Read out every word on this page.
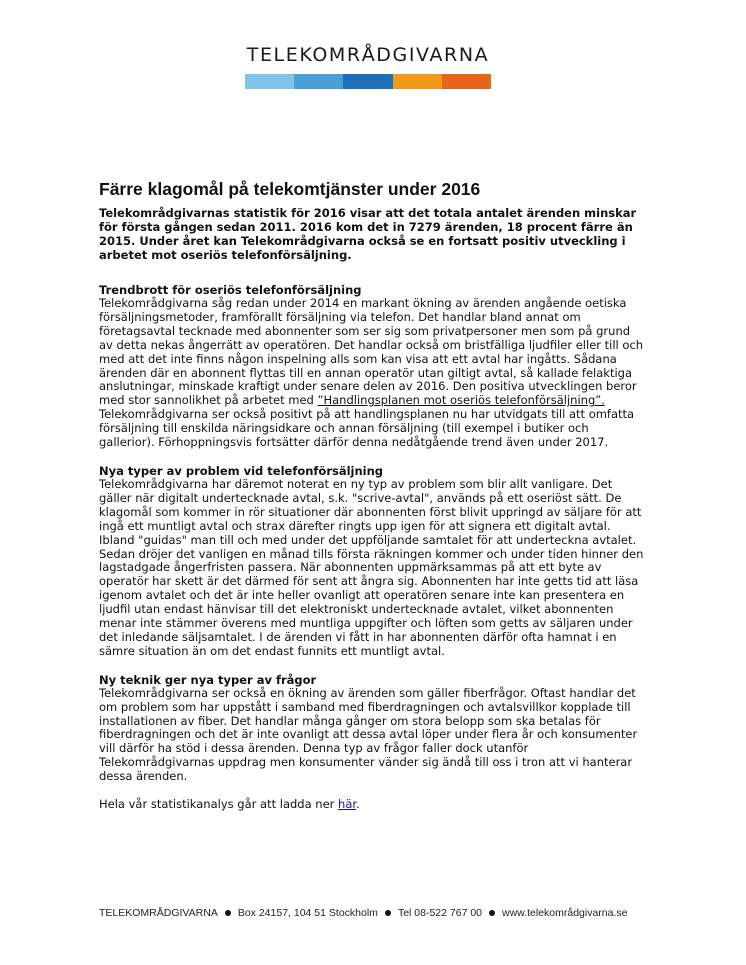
TELEKOMRÅDGIVARNA
Färre klagomål på telekomtjänster under 2016
Telekområdgivarnas statistik för 2016 visar att det totala antalet ärenden minskar för första gången sedan 2011. 2016 kom det in 7279 ärenden, 18 procent färre än 2015. Under året kan Telekområdgivarna också se en fortsatt positiv utveckling i arbetet mot oseriös telefonförsäljning.
Trendbrott för oseriös telefonförsäljning

Telekområdgivarna såg redan under 2014 en markant ökning av ärenden angående oetiska försäljningsmetoder, framförallt försäljning via telefon. Det handlar bland annat om företagsavtal tecknade med abonnenter som ser sig som privatpersoner men som på grund av detta nekas ångerrätt av operatören. Det handlar också om bristfälliga ljudfiler eller till och med att det inte finns någon inspelning alls som kan visa att ett avtal har ingåtts. Sådana ärenden där en abonnent flyttas till en annan operatör utan giltigt avtal, så kallade felaktiga anslutningar, minskade kraftigt under senare delen av 2016. Den positiva utvecklingen beror med stor sannolikhet på arbetet med ”Handlingsplanen mot oseriös telefonförsäljning”. Telekområdgivarna ser också positivt på att handlingsplanen nu har utvidgats till att omfatta försäljning till enskilda näringsidkare och annan försäljning (till exempel i butiker och gallerior). Förhoppningsvis fortsätter därför denna nedåtgående trend även under 2017.

Nya typer av problem vid telefonförsäljning

Telekområdgivarna har däremot noterat en ny typ av problem som blir allt vanligare. Det gäller när digitalt undertecknade avtal, s.k. "scrive-avtal", används på ett oseriöst sätt. De klagomål som kommer in rör situationer där abonnenten först blivit uppringd av säljare för att ingå ett muntligt avtal och strax därefter ringts upp igen för att signera ett digitalt avtal. Ibland "guidas" man till och med under det uppföljande samtalet för att underteckna avtalet. Sedan dröjer det vanligen en månad tills första räkningen kommer och under tiden hinner den lagstadgade ångerfristen passera. När abonnenten uppmärksammas på att ett byte av operatör har skett är det därmed för sent att ångra sig. Abonnenten har inte getts tid att läsa igenom avtalet och det är inte heller ovanligt att operatören senare inte kan presentera en ljudfil utan endast hänvisar till det elektroniskt undertecknade avtalet, vilket abonnenten menar inte stämmer överens med muntliga uppgifter och löften som getts av säljaren under det inledande säljsamtalet. I de ärenden vi fått in har abonnenten därför ofta hamnat i en sämre situation än om det endast funnits ett muntligt avtal.

Ny teknik ger nya typer av frågor

Telekområdgivarna ser också en ökning av ärenden som gäller fiberfrågor. Oftast handlar det om problem som har uppstått i samband med fiberdragningen och avtalsvillkor kopplade till installationen av fiber. Det handlar många gånger om stora belopp som ska betalas för fiberdragningen och det är inte ovanligt att dessa avtal löper under flera år och konsumenter vill därför ha stöd i dessa ärenden. Denna typ av frågor faller dock utanför Telekområdgivarnas uppdrag men konsumenter vänder sig ändå till oss i tron att vi hanterar dessa ärenden.

Hela vår statistikanalys går att ladda ner här.

TELEKOMRÅDGIVARNA Box 24157, 104 51 Stockholm Tel 08-522 767 00 www.telekområdgivarna.se
